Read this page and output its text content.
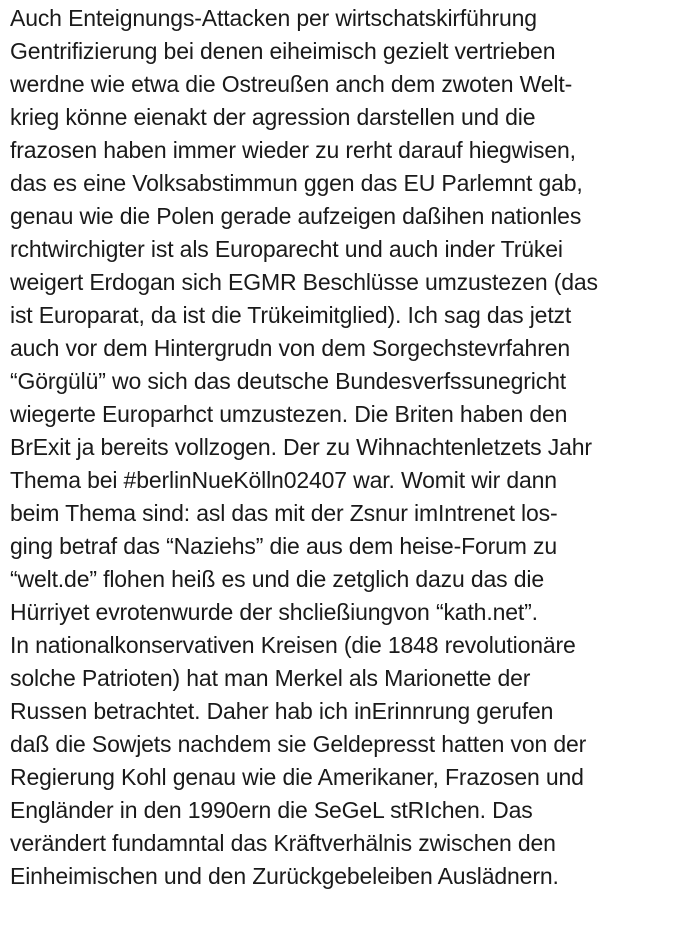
Auch Enteignungs-Attacken per wirtschatskirführung
Gentrifizierung bei denen eiheimisch gezielt vertrieben
werdne wie etwa die Ostreußen anch dem zwoten Welt-
krieg könne eienakt der agression darstellen und die
frazosen haben immer wieder zu rerht darauf hiegwisen,
das es eine Volksabstimmun ggen das EU Parlemnt gab,
genau wie die Polen gerade aufzeigen daßihen nationles
rchtwirchigter ist als Europarecht und auch inder Trükei
weigert Erdogan sich EGMR Beschlüsse umzustezen (das
ist Europarat, da ist die Trükeimitglied). Ich sag das jetzt
auch vor dem Hintergrudn von dem Sorgechstevrfahren
“Görgülü” wo sich das deutsche Bundesverfssunegricht
wiegerte Europarhct umzustezen. Die Briten haben den
BrExit ja bereits vollzogen. Der zu Wihnachtenletzets Jahr
Thema bei #berlinNueKölln02407 war. Womit wir dann
beim Thema sind: asl das mit der Zsnur imIntrenet los-
ging betraf das “Naziehs” die aus dem heise-Forum zu
“welt.de” flohen heiß es und die zetglich dazu das die
Hürriyet evrotenwurde der shcließiungvon “kath.net”.
In nationalkonservativen Kreisen (die 1848 revolutionäre
solche Patrioten) hat man Merkel als Marionette der
Russen betrachtet. Daher hab ich inErinnrung gerufen
daß die Sowjets nachdem sie Geldepresst hatten von der
Regierung Kohl genau wie die Amerikaner, Frazosen und
Engländer in den 1990ern die SeGeL stRIchen. Das
verändert fundamntal das Kräftverhälnis zwischen den
Einheimischen und den Zurückgebeleiben Auslädnern.
